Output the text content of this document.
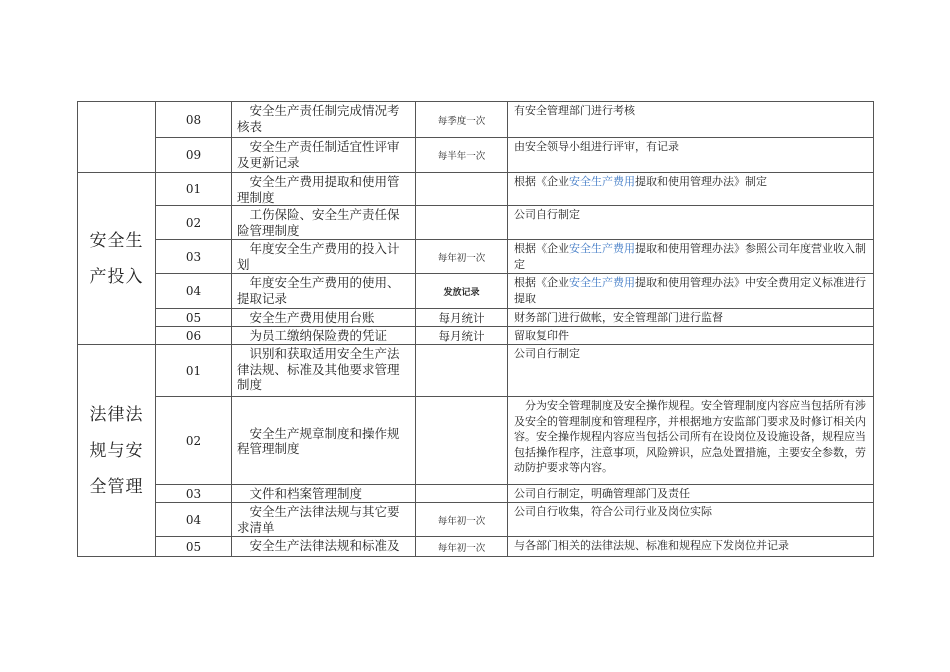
	08	安全生产责任制完成情况考核表	每季度一次	有安全管理部门进行考核
	09	安全生产责任制适宜性评审及更新记录	每半年一次	由安全领导小组进行评审，有记录
安全生产投入	01	安全生产费用提取和使用管理制度		根据《企业安全生产费用提取和使用管理办法》制定
	02	工伤保险、安全生产责任保险管理制度		公司自行制定
	03	年度安全生产费用的投入计划	每年初一次	根据《企业安全生产费用提取和使用管理办法》参照公司年度营业收入制定
	04	年度安全生产费用的使用、提取记录	发放记录	根据《企业安全生产费用提取和使用管理办法》中安全费用定义标准进行提取
	05	安全生产费用使用台账	每月统计	财务部门进行做帐，安全管理部门进行监督
	06	为员工缴纳保险费的凭证	每月统计	留取复印件
法律法规与安全管理	01	识别和获取适用安全生产法律法规、标准及其他要求管理制度		公司自行制定
	02	安全生产规章制度和操作规程管理制度		分为安全管理制度及安全操作规程。安全管理制度内容应当包括所有涉及安全的管理制度和管理程序，并根据地方安监部门要求及时修订相关内容。安全操作规程内容应当包括公司所有在设岗位及设施设备，规程应当包括操作程序，注意事项，风险辨识，应急处置措施，主要安全参数，劳动防护要求等内容。
	03	文件和档案管理制度		公司自行制定，明确管理部门及责任
	04	安全生产法律法规与其它要求清单	每年初一次	公司自行收集，符合公司行业及岗位实际
	05	安全生产法律法规和标准及	每年初一次	与各部门相关的法律法规、标准和规程应下发岗位并记录
